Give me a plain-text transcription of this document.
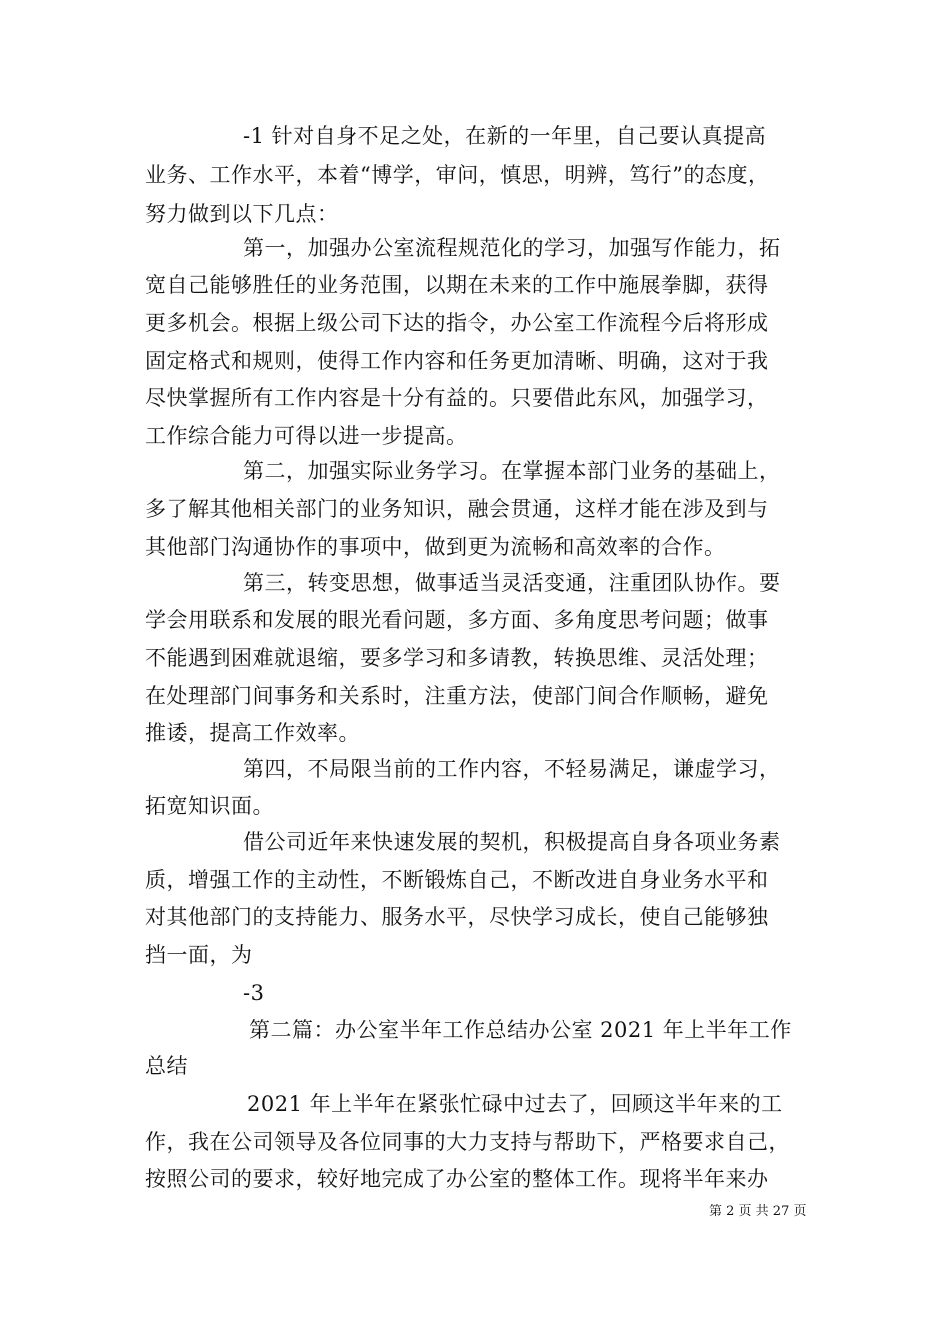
-1 针对自身不足之处，在新的一年里，自己要认真提高
业务、工作水平，本着“博学，审问，慎思，明辨，笃行”的态度，
努力做到以下几点：
第一，加强办公室流程规范化的学习，加强写作能力，拓
宽自己能够胜任的业务范围，以期在未来的工作中施展拳脚，获得
更多机会。根据上级公司下达的指令，办公室工作流程今后将形成
固定格式和规则，使得工作内容和任务更加清晰、明确，这对于我
尽快掌握所有工作内容是十分有益的。只要借此东风，加强学习，
工作综合能力可得以进一步提高。
第二，加强实际业务学习。在掌握本部门业务的基础上，
多了解其他相关部门的业务知识，融会贯通，这样才能在涉及到与
其他部门沟通协作的事项中，做到更为流畅和高效率的合作。
第三，转变思想，做事适当灵活变通，注重团队协作。要
学会用联系和发展的眼光看问题，多方面、多角度思考问题；做事
不能遇到困难就退缩，要多学习和多请教，转换思维、灵活处理；
在处理部门间事务和关系时，注重方法，使部门间合作顺畅，避免
推诿，提高工作效率。
第四，不局限当前的工作内容，不轻易满足，谦虚学习，
拓宽知识面。
借公司近年来快速发展的契机，积极提高自身各项业务素
质，增强工作的主动性，不断锻炼自己，不断改进自身业务水平和
对其他部门的支持能力、服务水平，尽快学习成长，使自己能够独
挡一面，为
-3
第二篇：办公室半年工作总结办公室 2021 年上半年工作
总结
2021 年上半年在紧张忙碌中过去了，回顾这半年来的工
作，我在公司领导及各位同事的大力支持与帮助下，严格要求自己，
按照公司的要求，较好地完成了办公室的整体工作。现将半年来办
第 2 页 共 27 页
